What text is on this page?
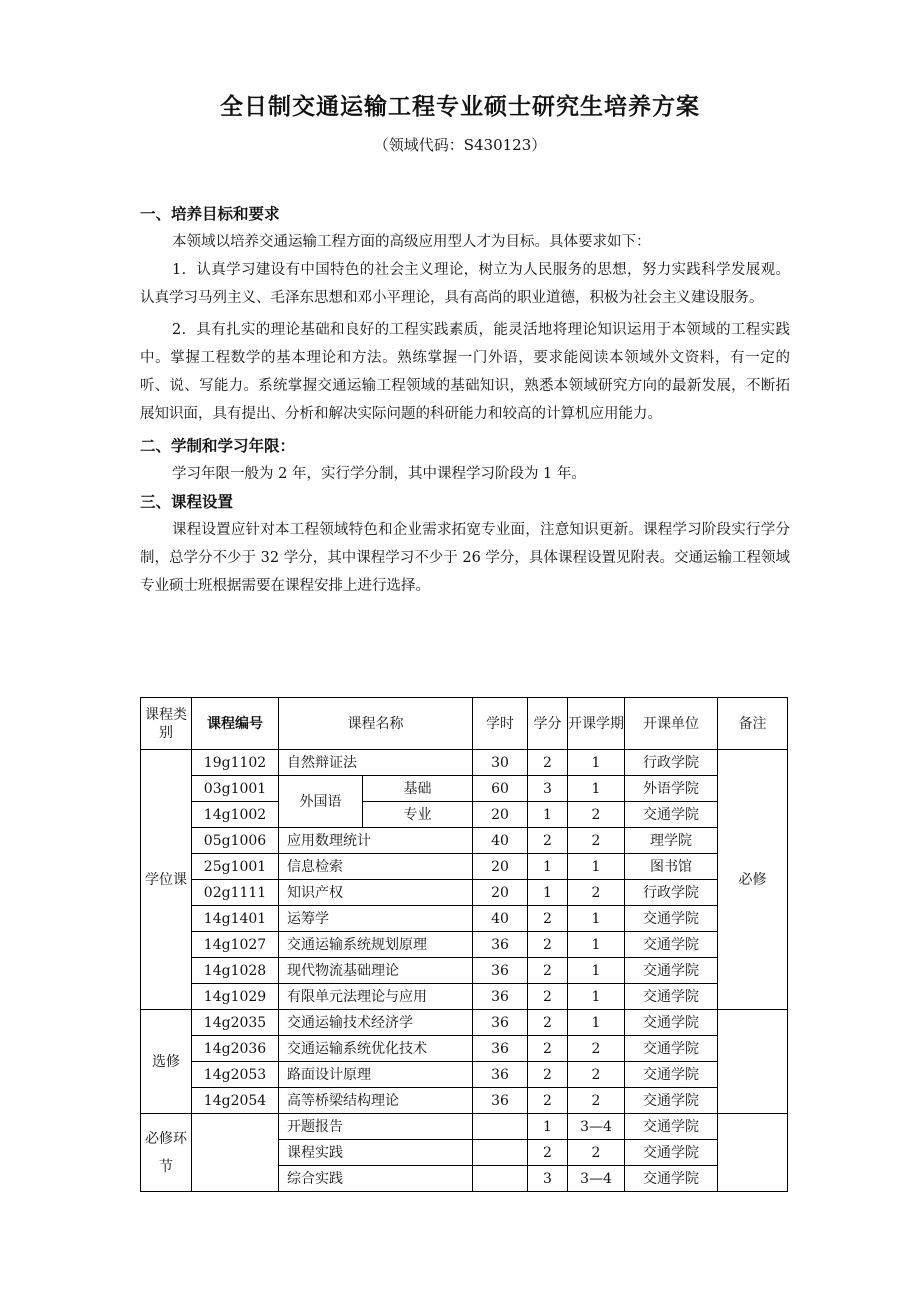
全日制交通运输工程专业硕士研究生培养方案
（领域代码：S430123）

一、培养目标和要求

本领域以培养交通运输工程方面的高级应用型人才为目标。具体要求如下：

1．认真学习建设有中国特色的社会主义理论，树立为人民服务的思想，努力实践科学发展观。认真学习马列主义、毛泽东思想和邓小平理论，具有高尚的职业道德，积极为社会主义建设服务。

2．具有扎实的理论基础和良好的工程实践素质，能灵活地将理论知识运用于本领域的工程实践中。掌握工程数学的基本理论和方法。熟练掌握一门外语，要求能阅读本领域外文资料，有一定的听、说、写能力。系统掌握交通运输工程领域的基础知识，熟悉本领域研究方向的最新发展，不断拓展知识面，具有提出、分析和解决实际问题的科研能力和较高的计算机应用能力。

二、学制和学习年限：

学习年限一般为 2 年，实行学分制，其中课程学习阶段为 1 年。

三、课程设置

课程设置应针对本工程领域特色和企业需求拓宽专业面，注意知识更新。课程学习阶段实行学分制，总学分不少于 32 学分，其中课程学习不少于 26 学分，具体课程设置见附表。交通运输工程领域专业硕士班根据需要在课程安排上进行选择。

课程类别	课程编号	课程名称		学时	学分	开课学期	开课单位	备注
学位课	19g1102	自然辩证法		30	2	1	行政学院	必修
	03g1001	外国语	基础	60	3	1	外语学院	
	14g1002		专业	20	1	2	交通学院	
	05g1006	应用数理统计		40	2	2	理学院	
	25g1001	信息检索		20	1	1	图书馆	
	02g1111	知识产权		20	1	2	行政学院	
	14g1401	运筹学		40	2	1	交通学院	
	14g1027	交通运输系统规划原理		36	2	1	交通学院	
	14g1028	现代物流基础理论		36	2	1	交通学院	
	14g1029	有限单元法理论与应用		36	2	1	交通学院	
选修	14g2035	交通运输技术经济学		36	2	1	交通学院	
	14g2036	交通运输系统优化技术		36	2	2	交通学院	
	14g2053	路面设计原理		36	2	2	交通学院	
	14g2054	高等桥梁结构理论		36	2	2	交通学院	
必修环节		开题报告			1	3—4	交通学院	
		课程实践			2	2	交通学院	
		综合实践			3	3—4	交通学院	
